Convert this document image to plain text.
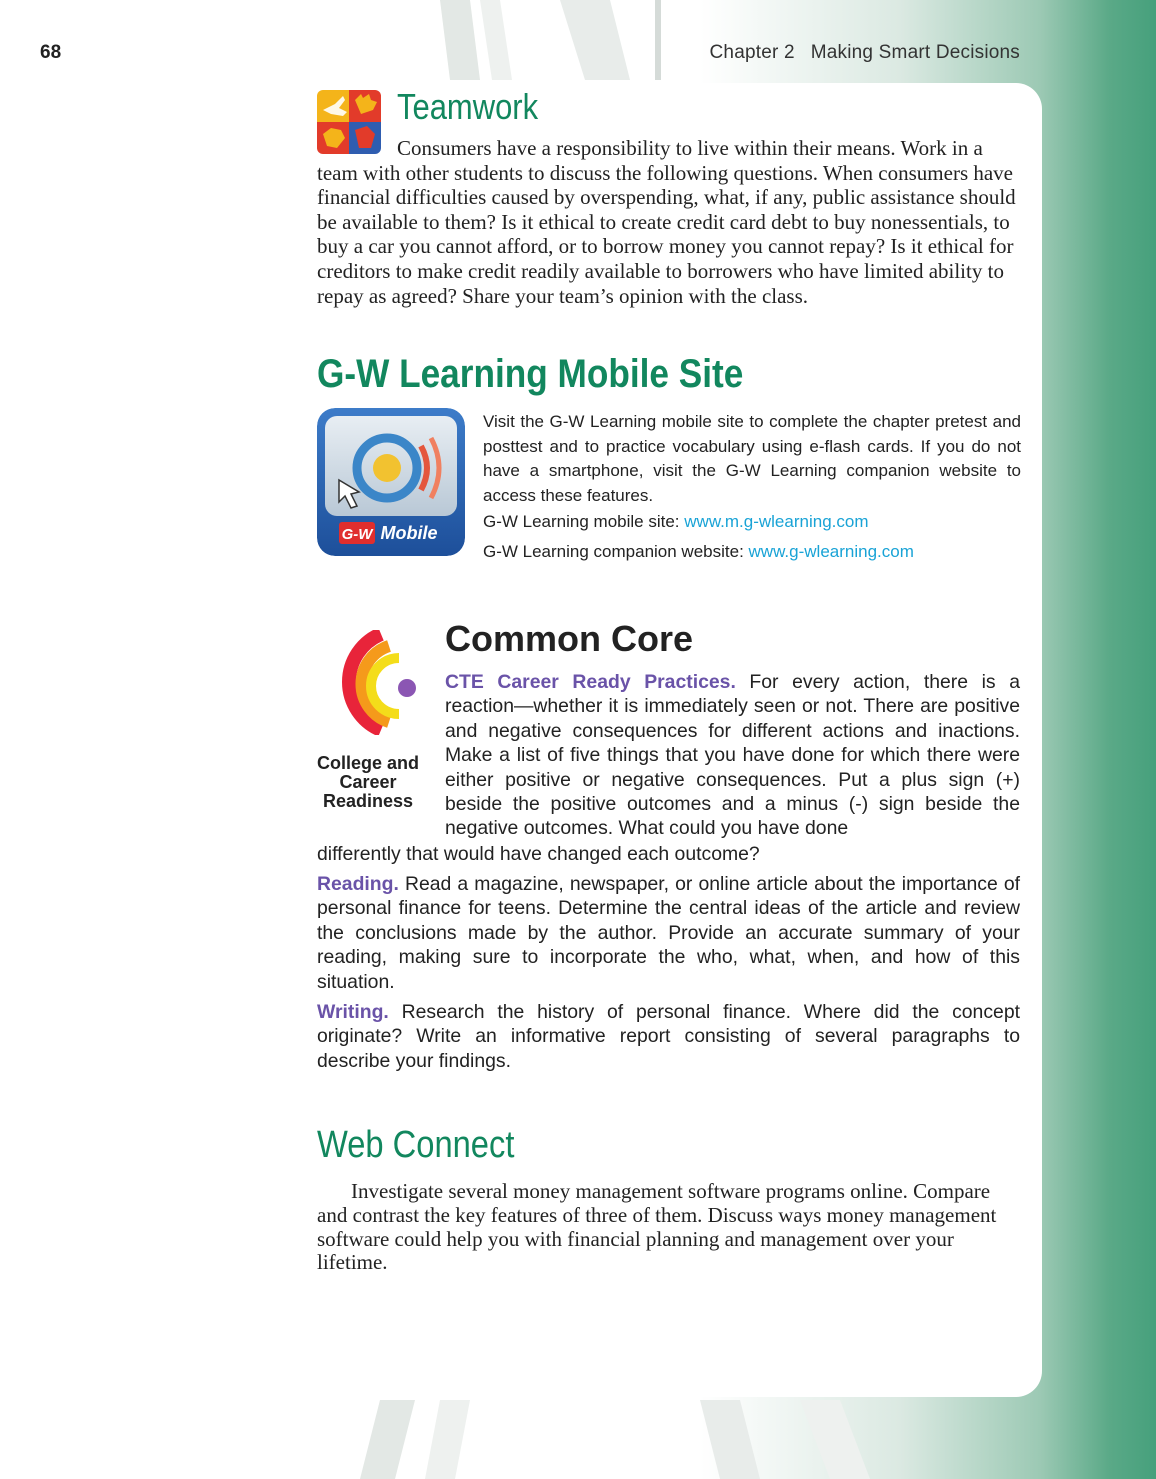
68	Chapter 2 Making Smart Decisions
Teamwork
Consumers have a responsibility to live within their means. Work in a team with other students to discuss the following questions. When consumers have financial difficulties caused by overspending, what, if any, public assistance should be available to them? Is it ethical to create credit card debt to buy nonessentials, to buy a car you cannot afford, or to borrow money you cannot repay? Is it ethical for creditors to make credit readily available to borrowers who have limited ability to repay as agreed? Share your team’s opinion with the class.
G-W Learning Mobile Site
G-W Mobile
Visit the G-W Learning mobile site to complete the chapter pretest and posttest and to practice vocabulary using e-flash cards. If you do not have a smartphone, visit the G-W Learning companion website to access these features.
G-W Learning mobile site: www.m.g-wlearning.com
G-W Learning companion website: www.g-wlearning.com
College and Career Readiness
Common Core
CTE Career Ready Practices. For every action, there is a reaction—whether it is immediately seen or not. There are positive and negative consequences for different actions and inactions. Make a list of five things that you have done for which there were either positive or negative consequences. Put a plus sign (+) beside the positive outcomes and a minus (-) sign beside the negative outcomes. What could you have done
differently that would have changed each outcome?
Reading. Read a magazine, newspaper, or online article about the importance of personal finance for teens. Determine the central ideas of the article and review the conclusions made by the author. Provide an accurate summary of your reading, making sure to incorporate the who, what, when, and how of this situation.
Writing. Research the history of personal finance. Where did the concept originate? Write an informative report consisting of several paragraphs to describe your findings.
Web Connect
Investigate several money management software programs online. Compare and contrast the key features of three of them. Discuss ways money management software could help you with financial planning and management over your lifetime.
